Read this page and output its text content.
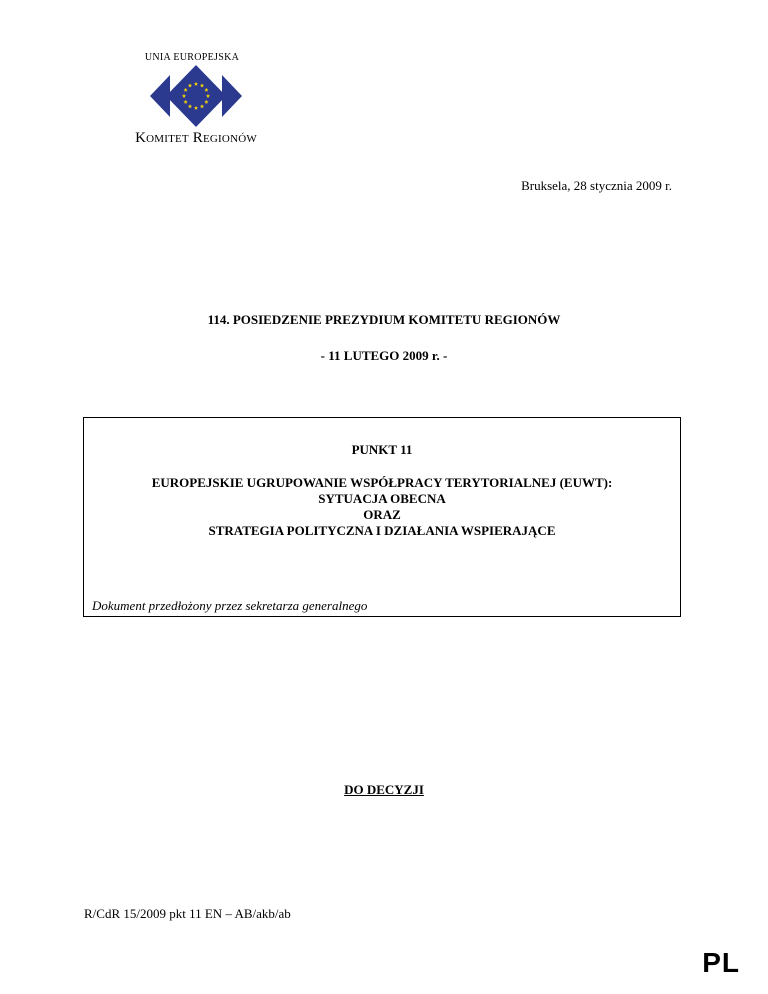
UNIA EUROPEJSKA
Komitet Regionów
Bruksela, 28 stycznia 2009 r.
114. POSIEDZENIE PREZYDIUM KOMITETU REGIONÓW
- 11 LUTEGO 2009 r. -
PUNKT 11
EUROPEJSKIE UGRUPOWANIE WSPÓŁPRACY TERYTORIALNEJ (EUWT):
SYTUACJA OBECNA
ORAZ
STRATEGIA POLITYCZNA I DZIAŁANIA WSPIERAJĄCE
Dokument przedłożony przez sekretarza generalnego
DO DECYZJI
R/CdR 15/2009 pkt 11 EN – AB/akb/ab
PL
